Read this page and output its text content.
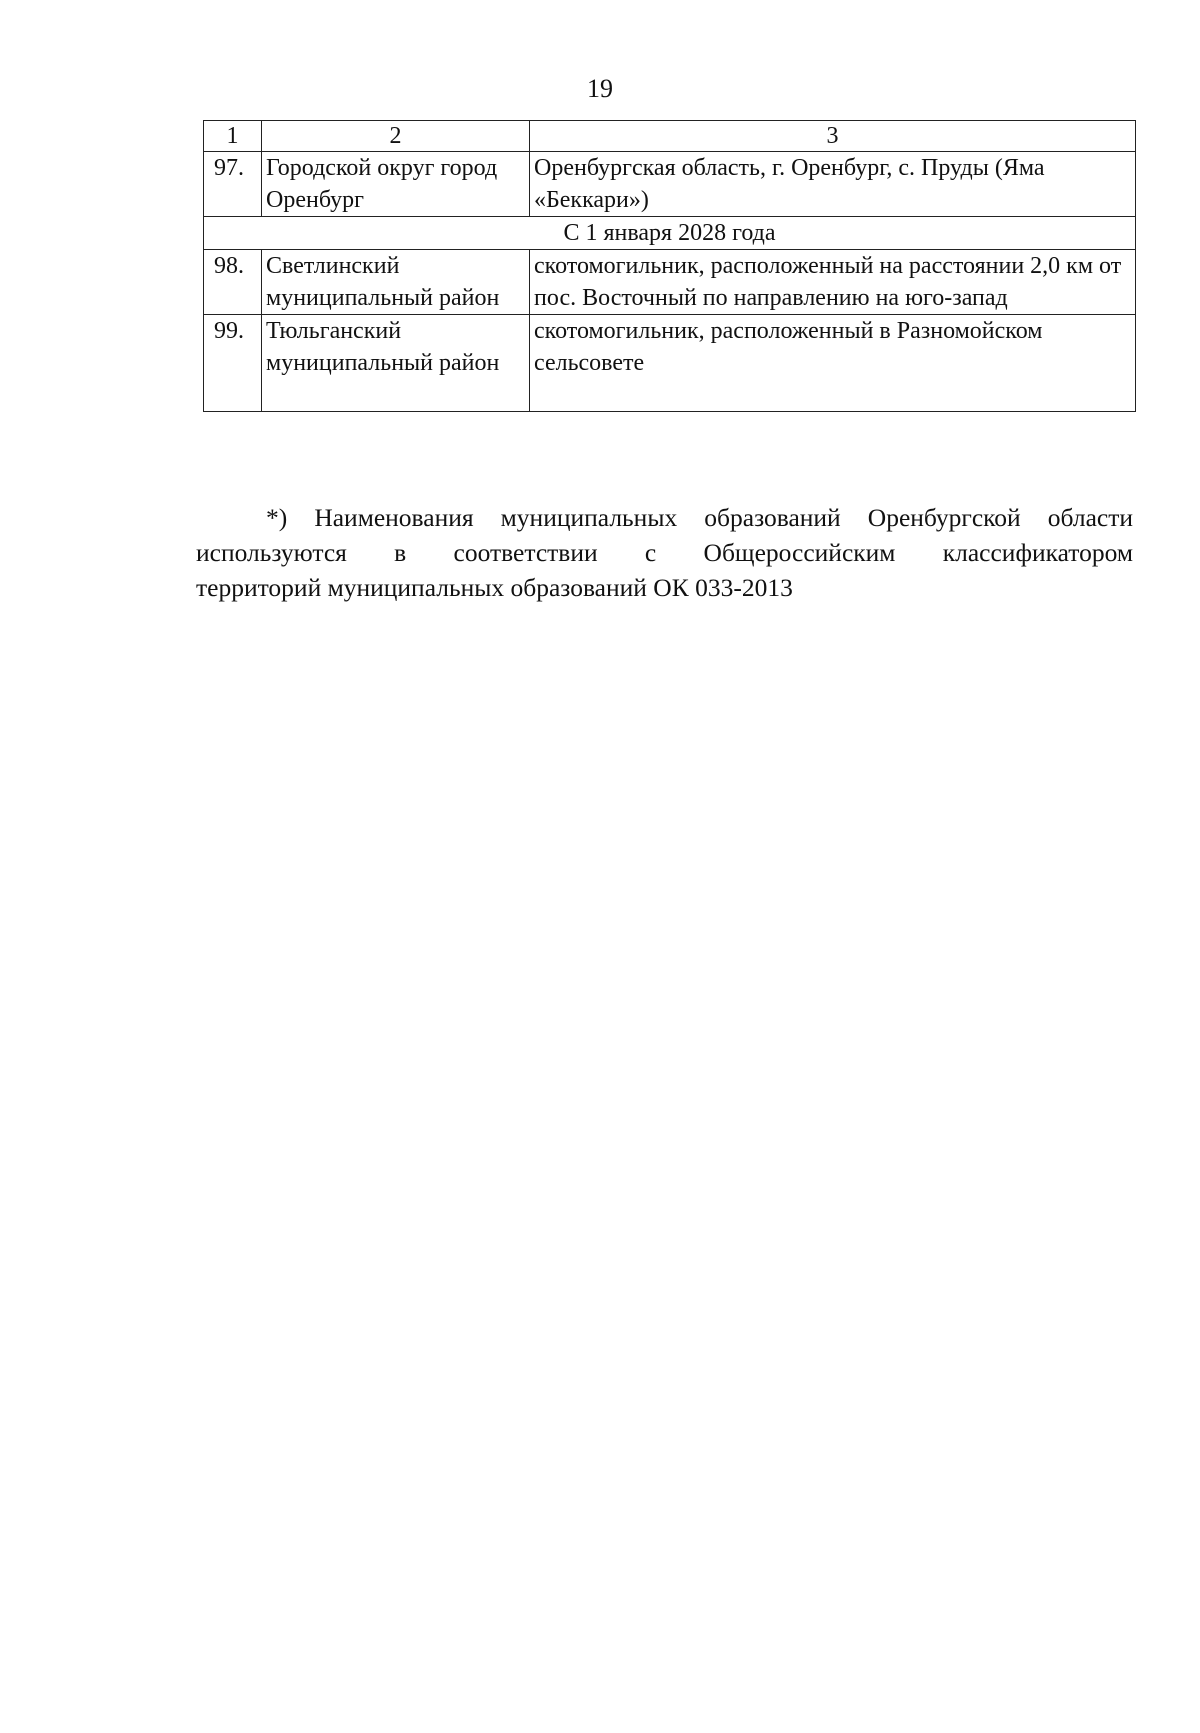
19
1	2	3
97.	Городской округ город Оренбург	Оренбургская область, г. Оренбург, с. Пруды (Яма «Беккари»)
С 1 января 2028 года		
98.	Светлинский муниципальный район	скотомогильник, расположенный на расстоянии 2,0 км от пос. Восточный по направлению на юго-запад
99.	Тюльганский муниципальный район	скотомогильник, расположенный в Разномойском сельсовете
*) Наименования муниципальных образований Оренбургской области
используются в соответствии с Общероссийским классификатором
территорий муниципальных образований ОК 033-2013
